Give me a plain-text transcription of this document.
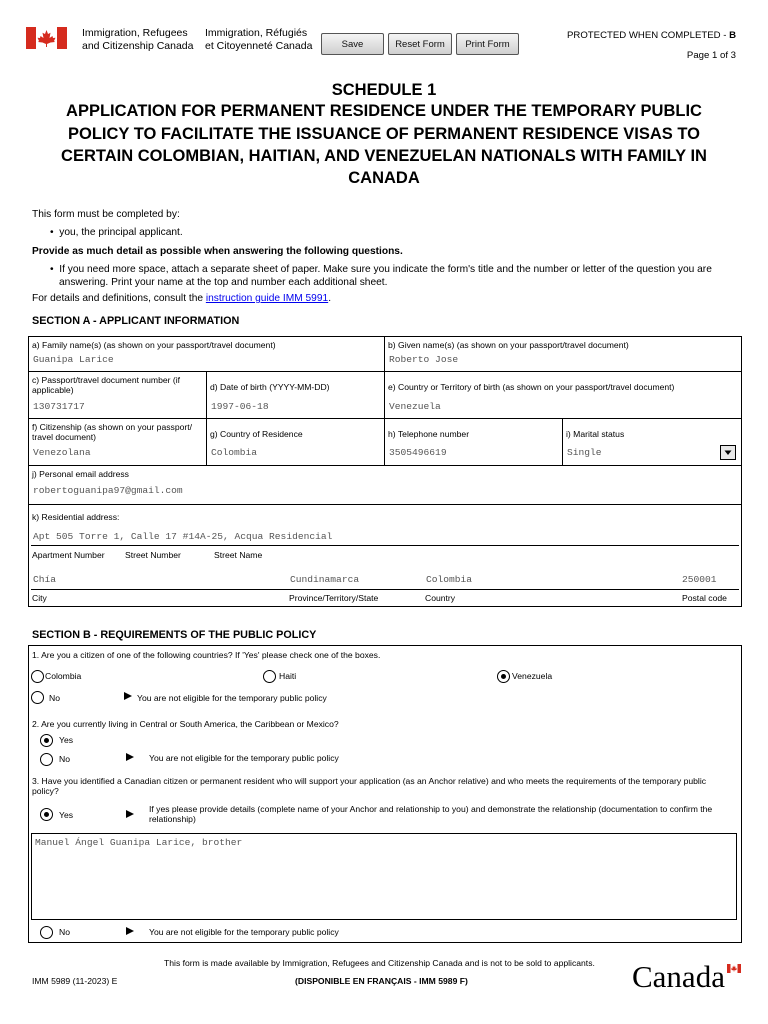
Immigration, Refugees
and Citizenship Canada
Immigration, Réfugiés
et Citoyenneté Canada	Save	Reset Form	Print Form
PROTECTED WHEN COMPLETED - B
Page 1 of 3
SCHEDULE 1
APPLICATION FOR PERMANENT RESIDENCE UNDER THE TEMPORARY PUBLIC
POLICY TO FACILITATE THE ISSUANCE OF PERMANENT RESIDENCE VISAS TO
CERTAIN COLOMBIAN, HAITIAN, AND VENEZUELAN NATIONALS WITH FAMILY IN
CANADA
This form must be completed by:
•  you, the principal applicant.
Provide as much detail as possible when answering the following questions.
•  If you need more space, attach a separate sheet of paper. Make sure you indicate the form's title and the number or letter of the question you are
answering. Print your name at the top and number each additional sheet.
For details and definitions, consult the instruction guide IMM 5991.
SECTION A - APPLICANT INFORMATION
a) Family name(s) (as shown on your passport/travel document)
Guanipa Larice
b) Given name(s) (as shown on your passport/travel document)
Roberto Jose
c) Passport/travel document number (if
applicable)
130731717
d) Date of birth (YYYY-MM-DD)
1997-06-18
e) Country or Territory of birth (as shown on your passport/travel document)
Venezuela
f) Citizenship (as shown on your passport/
travel document)
Venezolana
g) Country of Residence
Colombia
h) Telephone number
3505496619
i) Marital status
Single
j) Personal email address
robertoguanipa97@gmail.com
k) Residential address:
Apt 505 Torre 1, Calle 17 #14A-25, Acqua Residencial
Apartment Number Street Number	Street Name
Chía	Cundinamarca	Colombia	250001
City	Province/Territory/State	Country	Postal code
SECTION B - REQUIREMENTS OF THE PUBLIC POLICY
1. Are you a citizen of one of the following countries? If 'Yes' please check one of the boxes.
Colombia	Haiti	Venezuela
No	You are not eligible for the temporary public policy
2. Are you currently living in Central or South America, the Caribbean or Mexico?
Yes
No	You are not eligible for the temporary public policy
3. Have you identified a Canadian citizen or permanent resident who will support your application (as an Anchor relative) and who meets the requirements of the temporary public
policy?
Yes
If yes please provide details (complete name of your Anchor and relationship to you) and demonstrate the relationship (documentation to confirm the
relationship)
Manuel Ángel Guanipa Larice, brother
No	You are not eligible for the temporary public policy
This form is made available by Immigration, Refugees and Citizenship Canada and is not to be sold to applicants.
IMM 5989 (11-2023) E	(DISPONIBLE EN FRANÇAIS - IMM 5989 F)	Canada
